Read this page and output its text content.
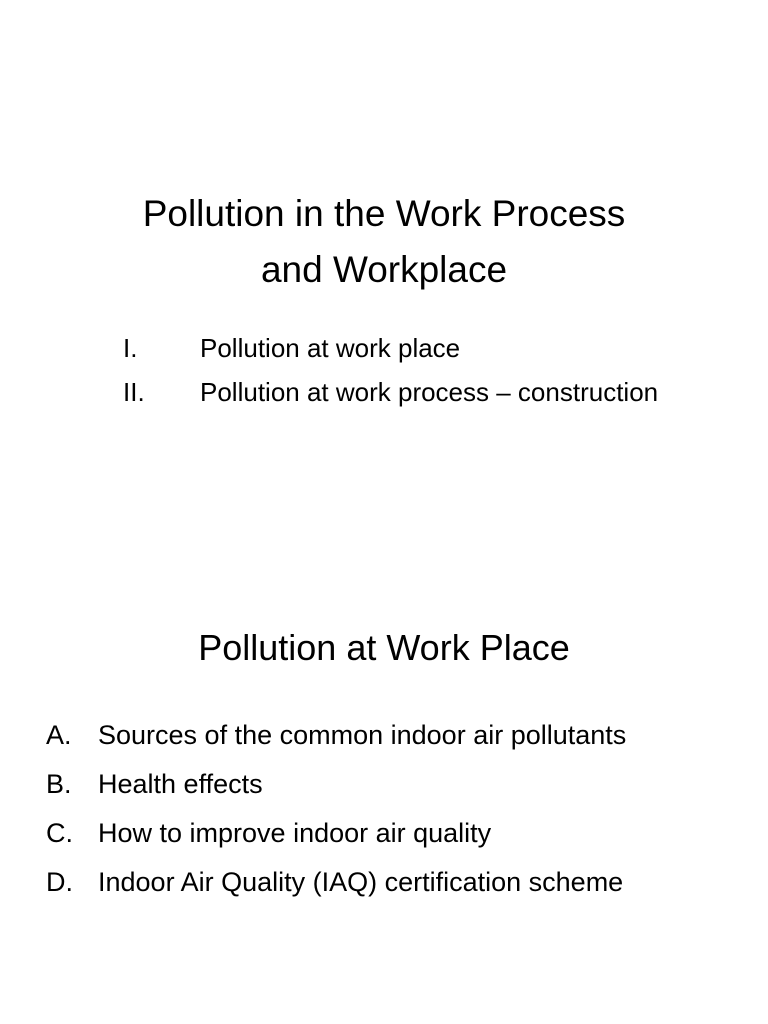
Pollution in the Work Process
and Workplace
I. Pollution at work place
II. Pollution at work process – construction
Pollution at Work Place
A. Sources of the common indoor air pollutants
B. Health effects
C. How to improve indoor air quality
D. Indoor Air Quality (IAQ) certification scheme
